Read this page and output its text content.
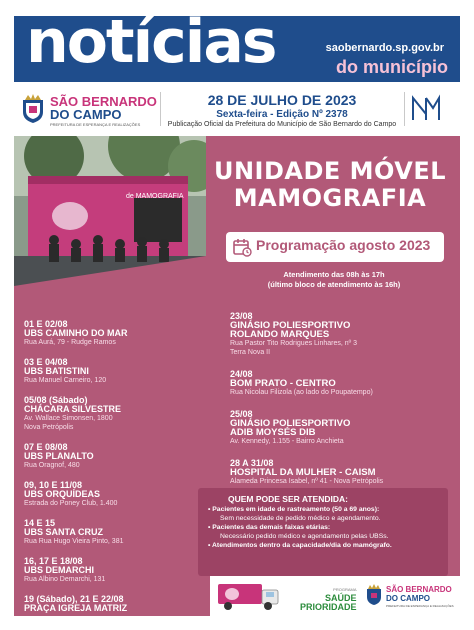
notícias	saobernardo.sp.gov.br
do município
SÃO BERNARDO
DO CAMPO
PREFEITURA DE ESPERANÇA E REALIZAÇÕES
28 DE JULHO DE 2023
Sexta-feira - Edição Nº 2378
Publicação Oficial da Prefeitura do Município de São Bernardo do Campo
de MAMOGRAFIA
UNIDADE MÓVEL
MAMOGRAFIA
Programação agosto 2023
Atendimento das 08h às 17h
(último bloco de atendimento às 16h)
01 E 02/08
UBS CAMINHO DO MAR
Rua Aurá, 79 - Rudge Ramos
03 E 04/08
UBS BATISTINI
Rua Manuel Carneiro, 120
05/08 (Sábado)
CHÁCARA SILVESTRE
Av. Wallace Simonsen, 1800
Nova Petrópolis
07 E 08/08
UBS PLANALTO
Rua Oragnof, 480
09, 10 E 11/08
UBS ORQUÍDEAS
Estrada do Poney Club, 1.400
14 E 15
UBS SANTA CRUZ
Rua Rua Hugo Vieira Pinto, 381
16, 17 E 18/08
UBS DEMARCHI
Rua Albino Demarchi, 131
19 (Sábado), 21 E 22/08
PRAÇA IGREJA MATRIZ
23/08
GINÁSIO POLIESPORTIVO
ROLANDO MARQUES
Rua Pastor Tito Rodrigues Linhares, nº 3
Terra Nova II
24/08
BOM PRATO - CENTRO
Rua Nicolau Filizola (ao lado do Poupatempo)
25/08
GINÁSIO POLIESPORTIVO
ADIB MOYSÉS DIB
Av. Kennedy, 1.155 - Bairro Anchieta
28 A 31/08
HOSPITAL DA MULHER - CAISM
Alameda Princesa Isabel, nº 41 - Nova Petrópolis
QUEM PODE SER ATENDIDA:
• Pacientes em idade de rastreamento (50 a 69 anos):
Sem necessidade de pedido médico e agendamento.
• Pacientes das demais faixas etárias:
Necessário pedido médico e agendamento pelas UBSs.
• Atendimentos dentro da capacidade/dia do mamógrafo.
PROGRAMA
SAÚDE
PRIORIDADE
SÃO BERNARDO
DO CAMPO
PREFEITURA DE ESPERANÇA E REALIZAÇÕES
